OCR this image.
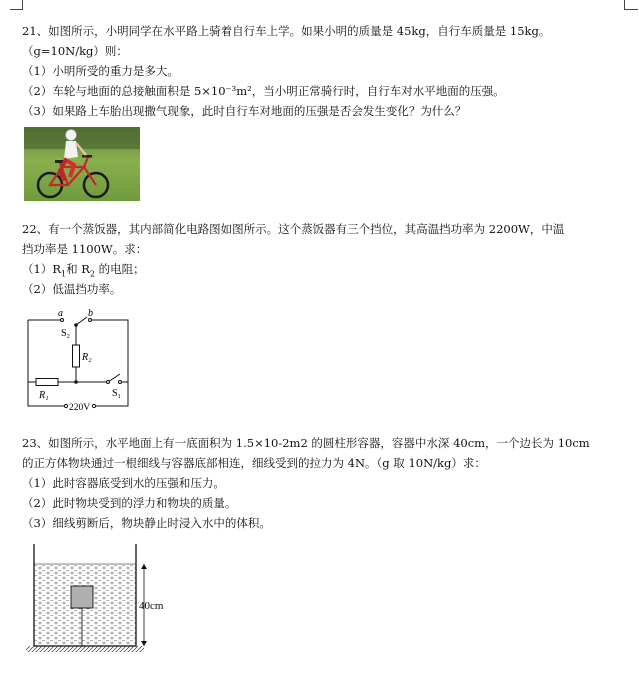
21、如图所示，小明同学在水平路上骑着自行车上学。如果小明的质量是 45kg，自行车质量是 15kg。
（g=10N/kg）则：
（1）小明所受的重力是多大。
（2）车轮与地面的总接触面积是 5×10⁻³m²，当小明正常骑行时，自行车对水平地面的压强。
（3）如果路上车胎出现撒气现象，此时自行车对地面的压强是否会发生变化？为什么？
22、有一个蒸饭器，其内部简化电路图如图所示。这个蒸饭器有三个挡位，其高温挡功率为 2200W，中温
挡功率是 1100W。求：
$(1)R_1$和 $R_2$ 的电阻；
（2）低温挡功率。
a	b
S₂
R₂
R₁	S₁
220V
23、如图所示，水平地面上有一底面积为 1.5×10-2m2 的圆柱形容器，容器中水深 40cm，一个边长为 10cm
的正方体物块通过一根细线与容器底部相连，细线受到的拉力为 4N。（g 取 10N/kg）求：
（1）此时容器底受到水的压强和压力。
（2）此时物块受到的浮力和物块的质量。
（3）细线剪断后，物块静止时浸入水中的体积。
40cm
